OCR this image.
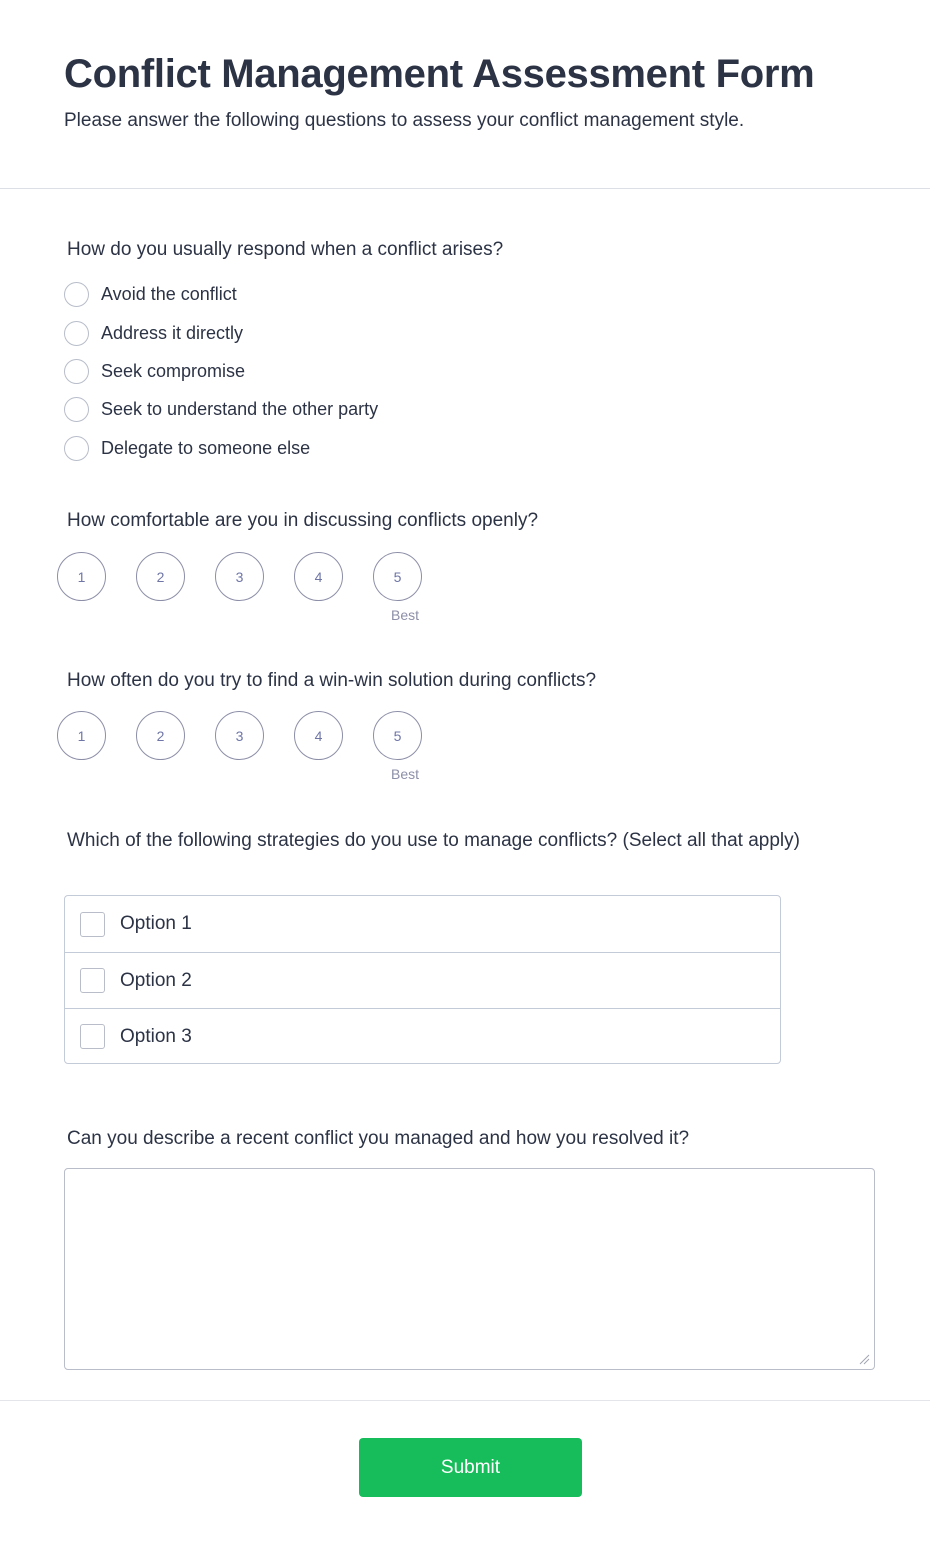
Conflict Management Assessment Form

Please answer the following questions to assess your conflict management style.

How do you usually respond when a conflict arises?
Avoid the conflict
Address it directly
Seek compromise
Seek to understand the other party
Delegate to someone else
How comfortable are you in discussing conflicts openly?
1	2	3	4	5
Best
How often do you try to find a win-win solution during conflicts?
1	2	3	4	5
Best
Which of the following strategies do you use to manage conflicts? (Select all that apply)
Option 1
Option 2
Option 3
Can you describe a recent conflict you managed and how you resolved it?
Submit
